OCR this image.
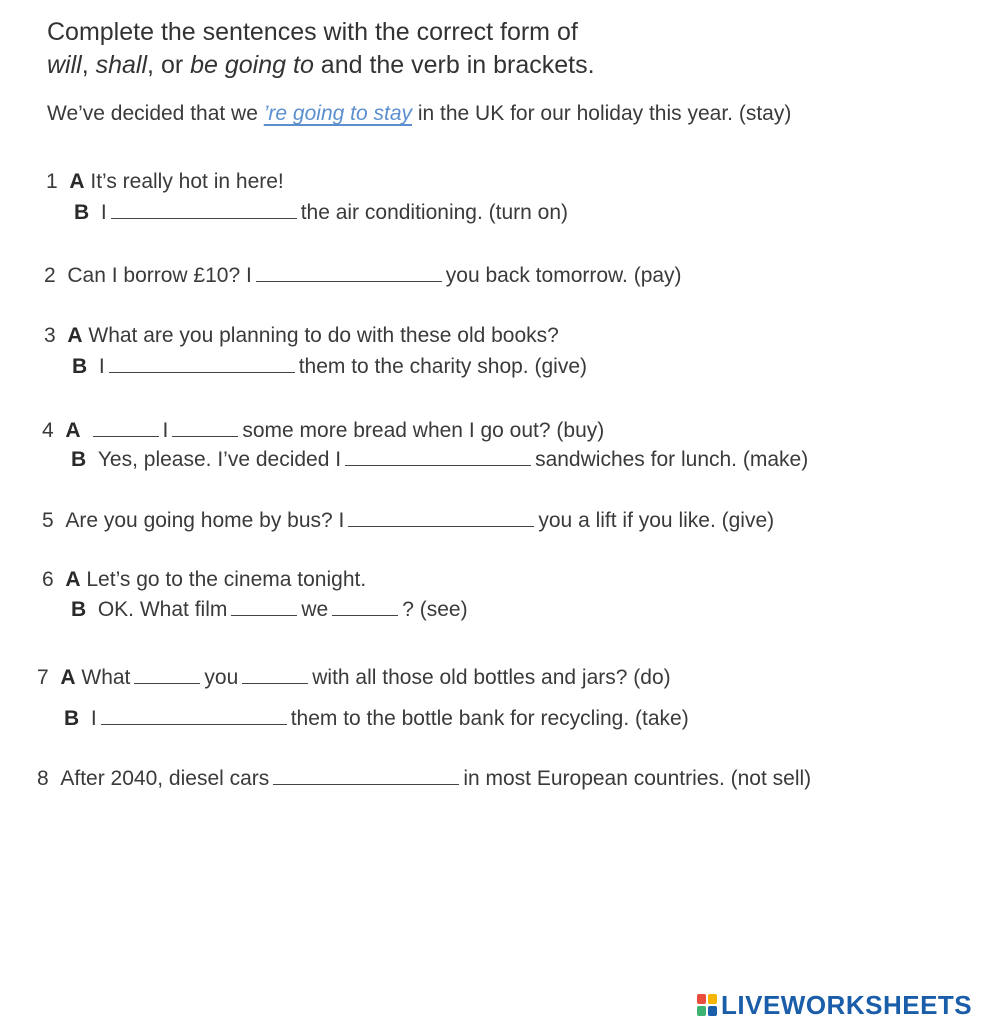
Complete the sentences with the correct form of
will, shall, or be going to and the verb in brackets.
We’ve decided that we ’re going to stay in the UK for our holiday this year. (stay)
1 A It’s really hot in here!
B I	the air conditioning. (turn on)
2 Can I borrow £10? I	you back tomorrow. (pay)
3 A What are you planning to do with these old books?
B I	them to the charity shop. (give)
4 A	I	some more bread when I go out? (buy)
B Yes, please. I’ve decided I	sandwiches for lunch. (make)
5 Are you going home by bus? I	you a lift if you like. (give)
6 A Let’s go to the cinema tonight.
B OK. What film	we	? (see)
7 A What	you	with all those old bottles and jars? (do)
B I	them to the bottle bank for recycling. (take)
8 After 2040, diesel cars	in most European countries. (not sell)
LIVEWORKSHEETS
